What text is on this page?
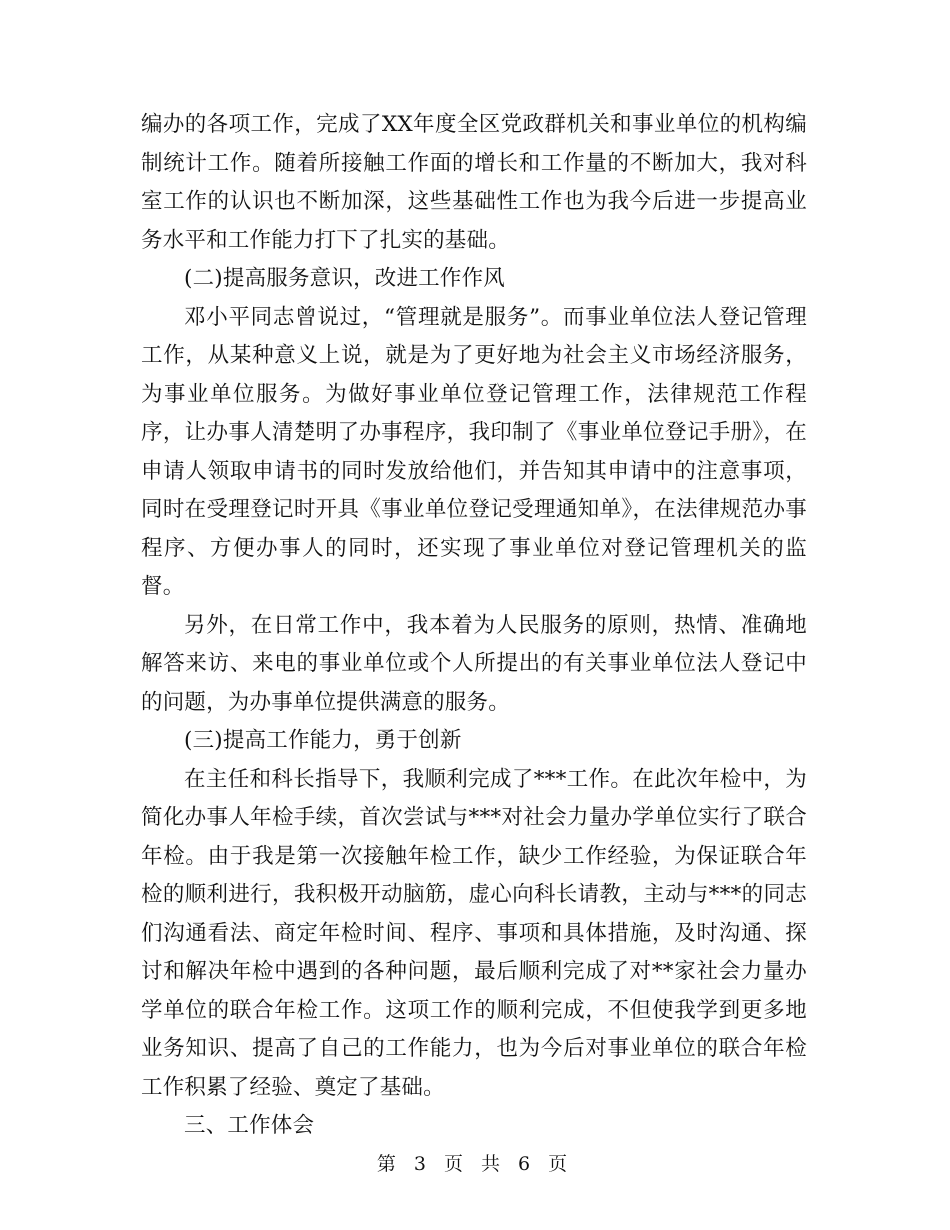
编办的各项工作，完成了XX年度全区党政群机关和事业单位的机构编制统计工作。随着所接触工作面的增长和工作量的不断加大，我对科室工作的认识也不断加深，这些基础性工作也为我今后进一步提高业务水平和工作能力打下了扎实的基础。

(二)提高服务意识，改进工作作风

邓小平同志曾说过，“管理就是服务”。而事业单位法人登记管理工作，从某种意义上说，就是为了更好地为社会主义市场经济服务，为事业单位服务。为做好事业单位登记管理工作，法律规范工作程序，让办事人清楚明了办事程序，我印制了《事业单位登记手册》，在申请人领取申请书的同时发放给他们，并告知其申请中的注意事项，同时在受理登记时开具《事业单位登记受理通知单》，在法律规范办事程序、方便办事人的同时，还实现了事业单位对登记管理机关的监督。

另外，在日常工作中，我本着为人民服务的原则，热情、准确地解答来访、来电的事业单位或个人所提出的有关事业单位法人登记中的问题，为办事单位提供满意的服务。

(三)提高工作能力，勇于创新

在主任和科长指导下，我顺利完成了***工作。在此次年检中，为简化办事人年检手续，首次尝试与***对社会力量办学单位实行了联合年检。由于我是第一次接触年检工作，缺少工作经验，为保证联合年检的顺利进行，我积极开动脑筋，虚心向科长请教，主动与***的同志们沟通看法、商定年检时间、程序、事项和具体措施，及时沟通、探讨和解决年检中遇到的各种问题，最后顺利完成了对**家社会力量办学单位的联合年检工作。这项工作的顺利完成，不但使我学到更多地业务知识、提高了自己的工作能力，也为今后对事业单位的联合年检工作积累了经验、奠定了基础。

三、工作体会

第 3 页 共 6 页
